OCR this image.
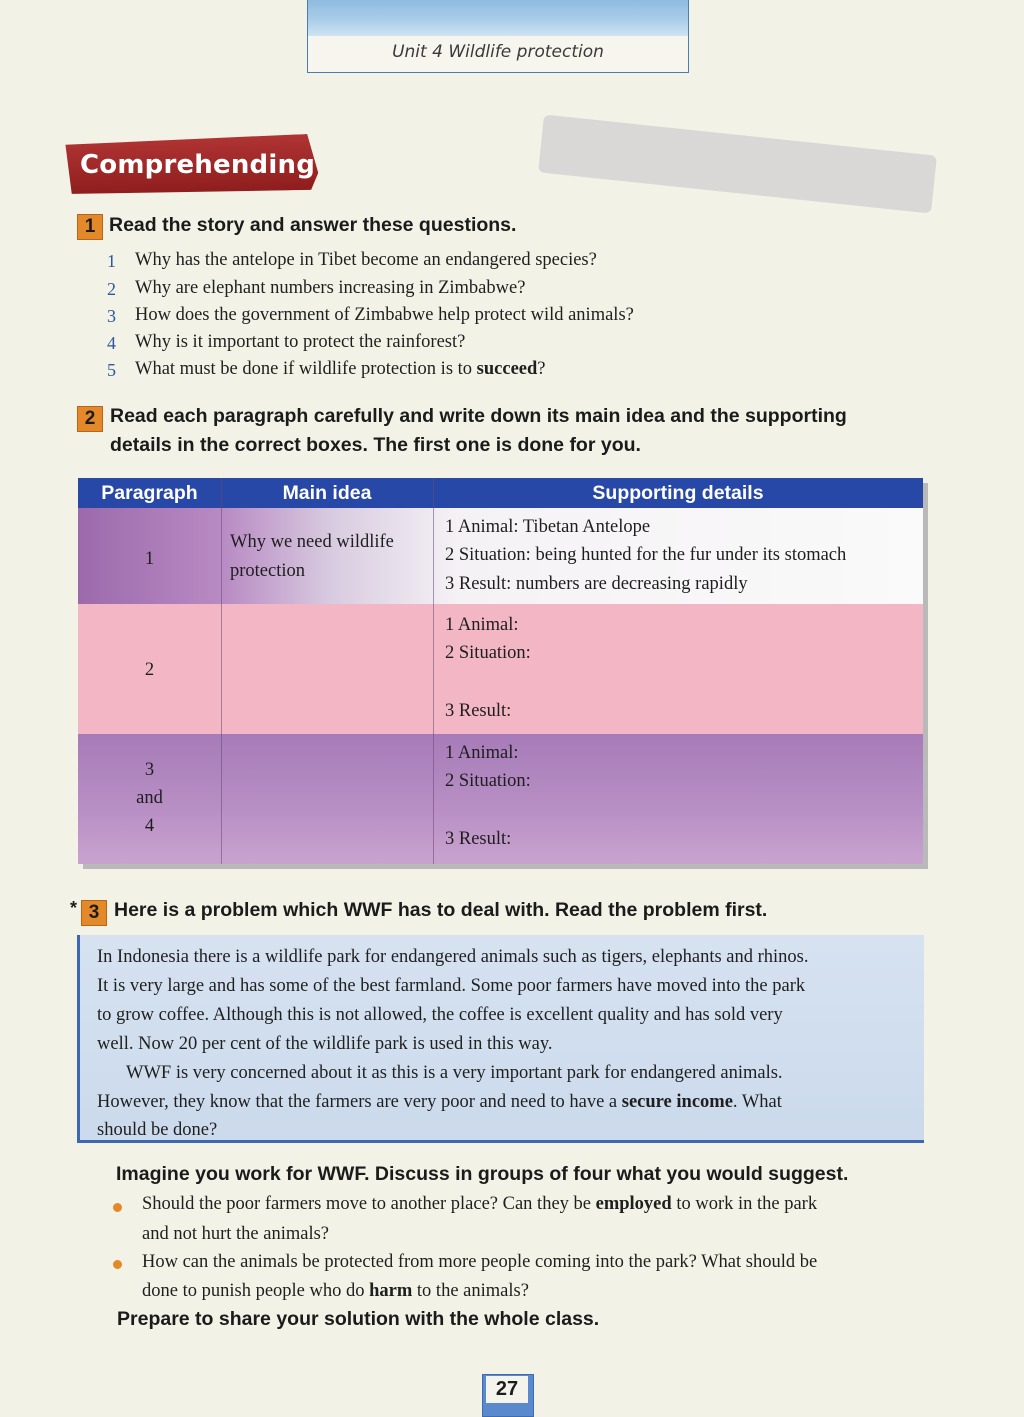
Unit 4 Wildlife protection
Comprehending
1 Read the story and answer these questions.
1 Why has the antelope in Tibet become an endangered species?
2 Why are elephant numbers increasing in Zimbabwe?
3 How does the government of Zimbabwe help protect wild animals?
4 Why is it important to protect the rainforest?
5 What must be done if wildlife protection is to succeed?
2 Read each paragraph carefully and write down its main idea and the supporting
details in the correct boxes. The first one is done for you.
Paragraph	Main idea	Supporting details
1
Why we need wildlife
protection
1 Animal: Tibetan Antelope
2 Situation: being hunted for the fur under its stomach
3 Result: numbers are decreasing rapidly
2
1 Animal:
2 Situation:
3 Result:
3
and
4
1 Animal:
2 Situation:
3 Result:
* 3 Here is a problem which WWF has to deal with. Read the problem first.
In Indonesia there is a wildlife park for endangered animals such as tigers, elephants and rhinos.
It is very large and has some of the best farmland. Some poor farmers have moved into the park
to grow coffee. Although this is not allowed, the coffee is excellent quality and has sold very
well. Now 20 per cent of the wildlife park is used in this way.
WWF is very concerned about it as this is a very important park for endangered animals.
However, they know that the farmers are very poor and need to have a secure income. What
should be done?
Imagine you work for WWF. Discuss in groups of four what you would suggest.
Should the poor farmers move to another place? Can they be employed to work in the park
and not hurt the animals?
How can the animals be protected from more people coming into the park? What should be
done to punish people who do harm to the animals?
Prepare to share your solution with the whole class.
27
